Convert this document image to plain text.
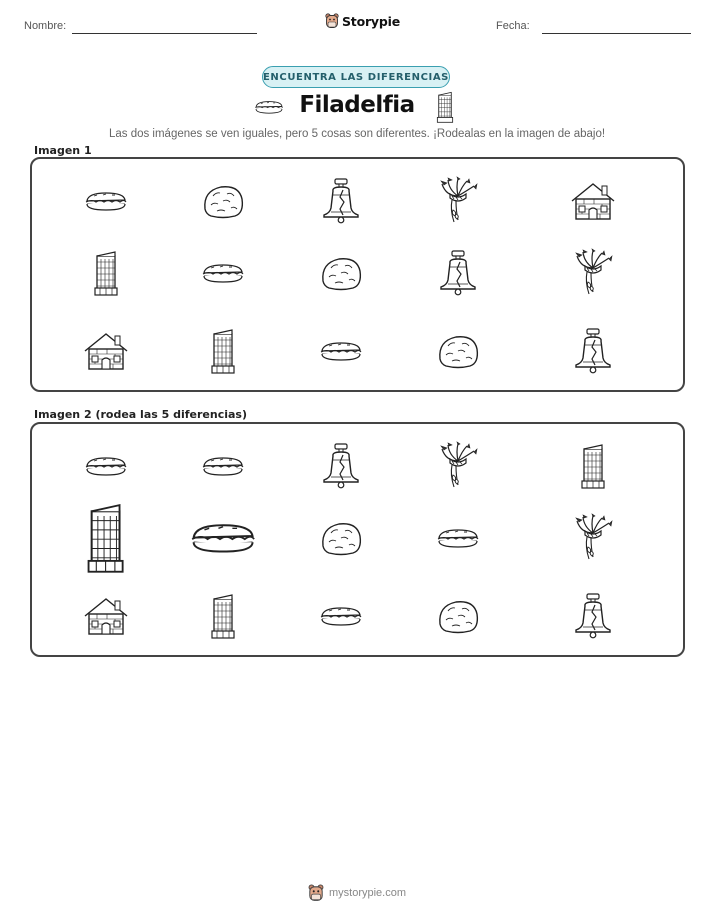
Nombre:	Storypie	Fecha:
ENCUENTRA LAS DIFERENCIAS
Filadelfia
Las dos imágenes se ven iguales, pero 5 cosas son diferentes. ¡Rodealas en la imagen de abajo!
Imagen 1
Imagen 2 (rodea las 5 diferencias)
mystorypie.com
